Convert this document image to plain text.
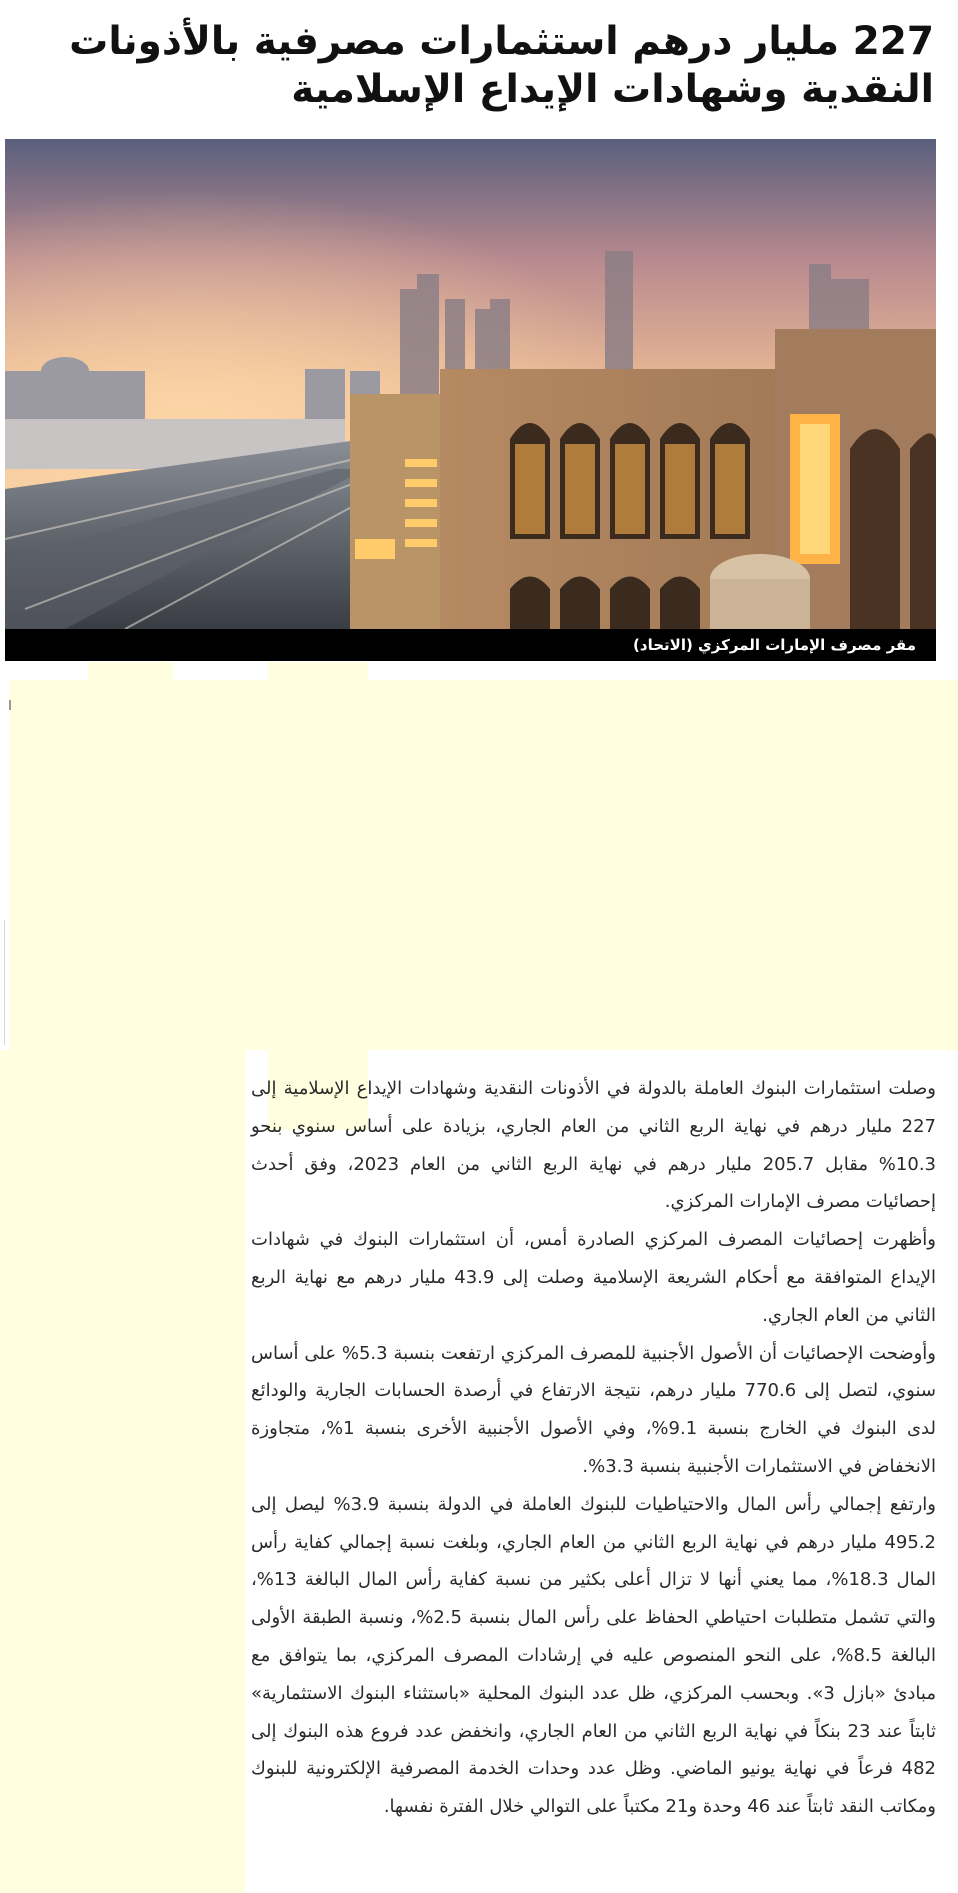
227 مليار درهم استثمارات مصرفية بالأذونات النقدية وشهادات الإيداع الإسلامية
مقر مصرف الإمارات المركزي (الاتحاد)

وصلت استثمارات البنوك العاملة بالدولة في الأذونات النقدية وشهادات الإيداع الإسلامية إلى 227 مليار درهم في نهاية الربع الثاني من العام الجاري، بزيادة على أساس سنوي بنحو 10.3% مقابل 205.7 مليار درهم في نهاية الربع الثاني من العام 2023، وفق أحدث إحصائيات مصرف الإمارات المركزي.

وأظهرت إحصائيات المصرف المركزي الصادرة أمس، أن استثمارات البنوك في شهادات الإيداع المتوافقة مع أحكام الشريعة الإسلامية وصلت إلى 43.9 مليار درهم مع نهاية الربع الثاني من العام الجاري.

وأوضحت الإحصائيات أن الأصول الأجنبية للمصرف المركزي ارتفعت بنسبة 5.3% على أساس سنوي، لتصل إلى 770.6 مليار درهم، نتيجة الارتفاع في أرصدة الحسابات الجارية والودائع لدى البنوك في الخارج بنسبة 9.1%، وفي الأصول الأجنبية الأخرى بنسبة 1%، متجاوزة الانخفاض في الاستثمارات الأجنبية بنسبة 3.3%.

وارتفع إجمالي رأس المال والاحتياطيات للبنوك العاملة في الدولة بنسبة 3.9% ليصل إلى 495.2 مليار درهم في نهاية الربع الثاني من العام الجاري، وبلغت نسبة إجمالي كفاية رأس المال 18.3%، مما يعني أنها لا تزال أعلى بكثير من نسبة كفاية رأس المال البالغة 13%، والتي تشمل متطلبات احتياطي الحفاظ على رأس المال بنسبة 2.5%، ونسبة الطبقة الأولى البالغة 8.5%، على النحو المنصوص عليه في إرشادات المصرف المركزي، بما يتوافق مع مبادئ «بازل 3». وبحسب المركزي، ظل عدد البنوك المحلية «باستثناء البنوك الاستثمارية» ثابتاً عند 23 بنكاً في نهاية الربع الثاني من العام الجاري، وانخفض عدد فروع هذه البنوك إلى 482 فرعاً في نهاية يونيو الماضي. وظل عدد وحدات الخدمة المصرفية الإلكترونية للبنوك ومكاتب النقد ثابتاً عند 46 وحدة و21 مكتباً على التوالي خلال الفترة نفسها.
